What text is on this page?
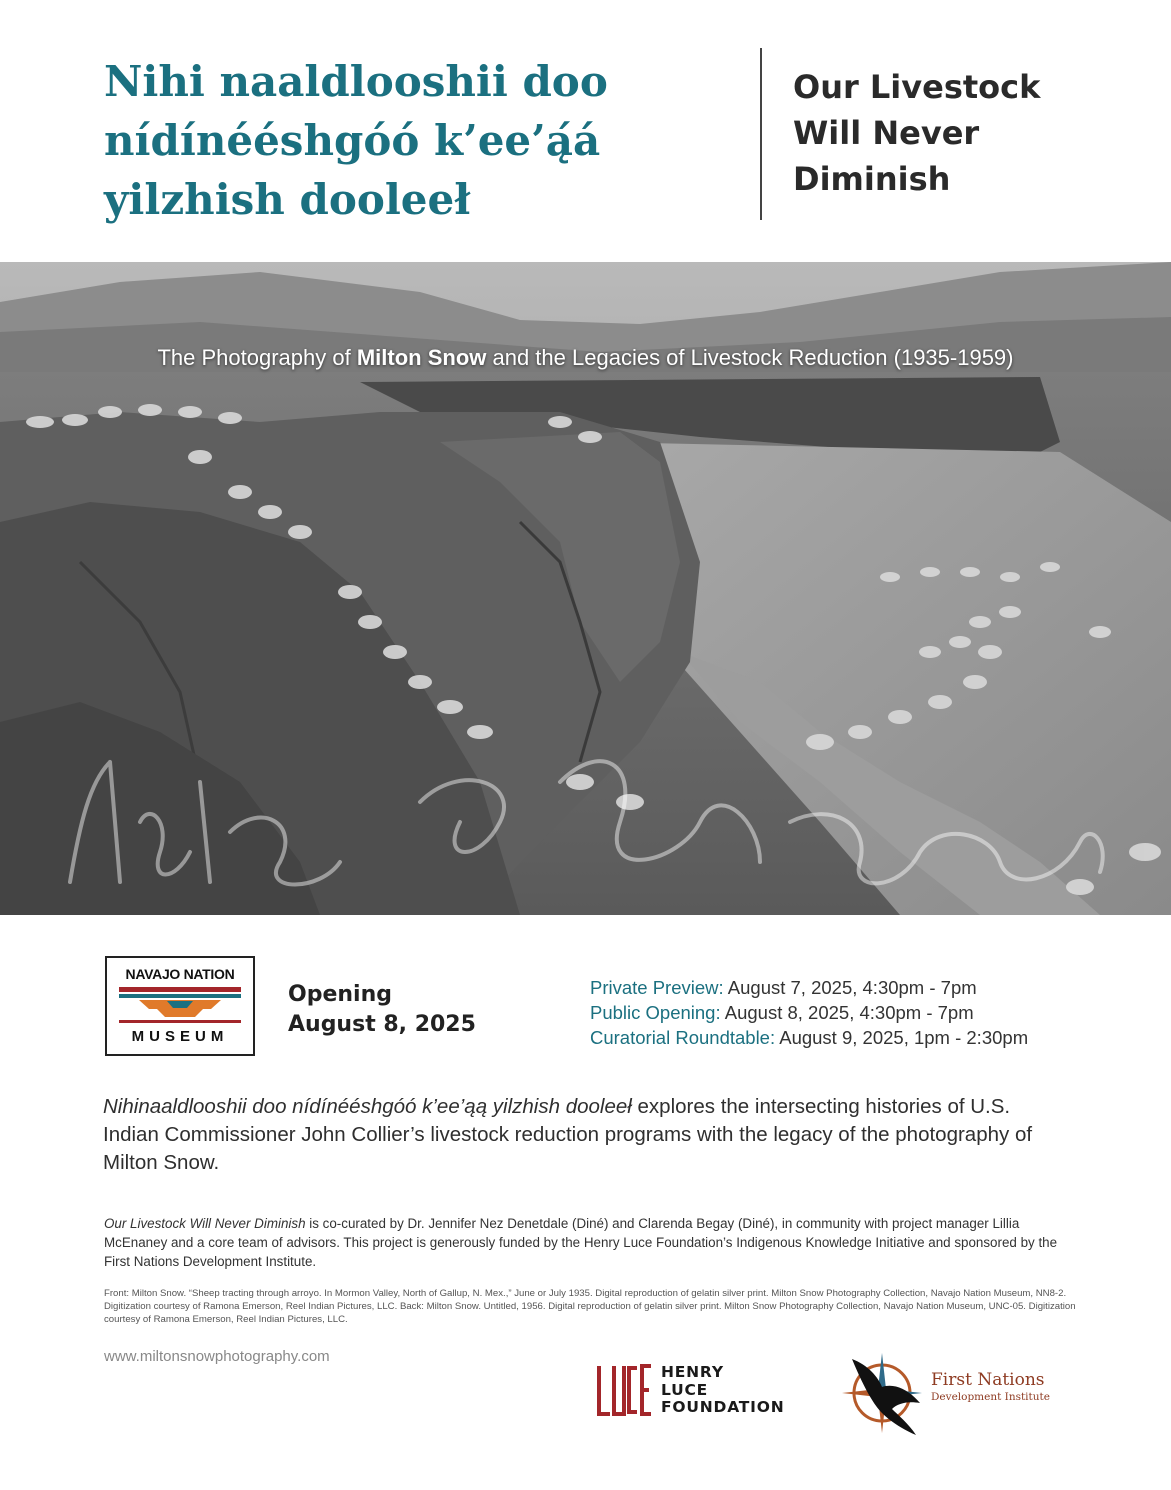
Nihi naaldlooshii doo
nídínééshgóó k’ee’ą́á
yilzhish dooleeł
Our Livestock
Will Never
Diminish
The Photography of Milton Snow and the Legacies of Livestock Reduction (1935-1959)
NAVAJO NATION
MUSEUM
Opening
August 8, 2025
Private Preview: August 7, 2025, 4:30pm - 7pm
Public Opening: August 8, 2025, 4:30pm - 7pm
Curatorial Roundtable: August 9, 2025, 1pm - 2:30pm

Nihinaaldlooshii doo nídínééshgóó k’ee’ąą yilzhish dooleeł explores the intersecting histories of U.S. Indian Commissioner John Collier’s livestock reduction programs with the legacy of the photography of Milton Snow.

Our Livestock Will Never Diminish is co-curated by Dr. Jennifer Nez Denetdale (Diné) and Clarenda Begay (Diné), in community with project manager Lillia McEnaney and a core team of advisors. This project is generously funded by the Henry Luce Foundation’s Indigenous Knowledge Initiative and sponsored by the First Nations Development Institute.

Front: Milton Snow. “Sheep tracting through arroyo. In Mormon Valley, North of Gallup, N. Mex.,” June or July 1935. Digital reproduction of gelatin silver print. Milton Snow Photography Collection, Navajo Nation Museum, NN8-2. Digitization courtesy of Ramona Emerson, Reel Indian Pictures, LLC. Back: Milton Snow. Untitled, 1956. Digital reproduction of gelatin silver print. Milton Snow Photography Collection, Navajo Nation Museum, UNC-05. Digitization courtesy of Ramona Emerson, Reel Indian Pictures, LLC.

www.miltonsnowphotography.com
HENRY
LUCE
FOUNDATION
First Nations
Development Institute
